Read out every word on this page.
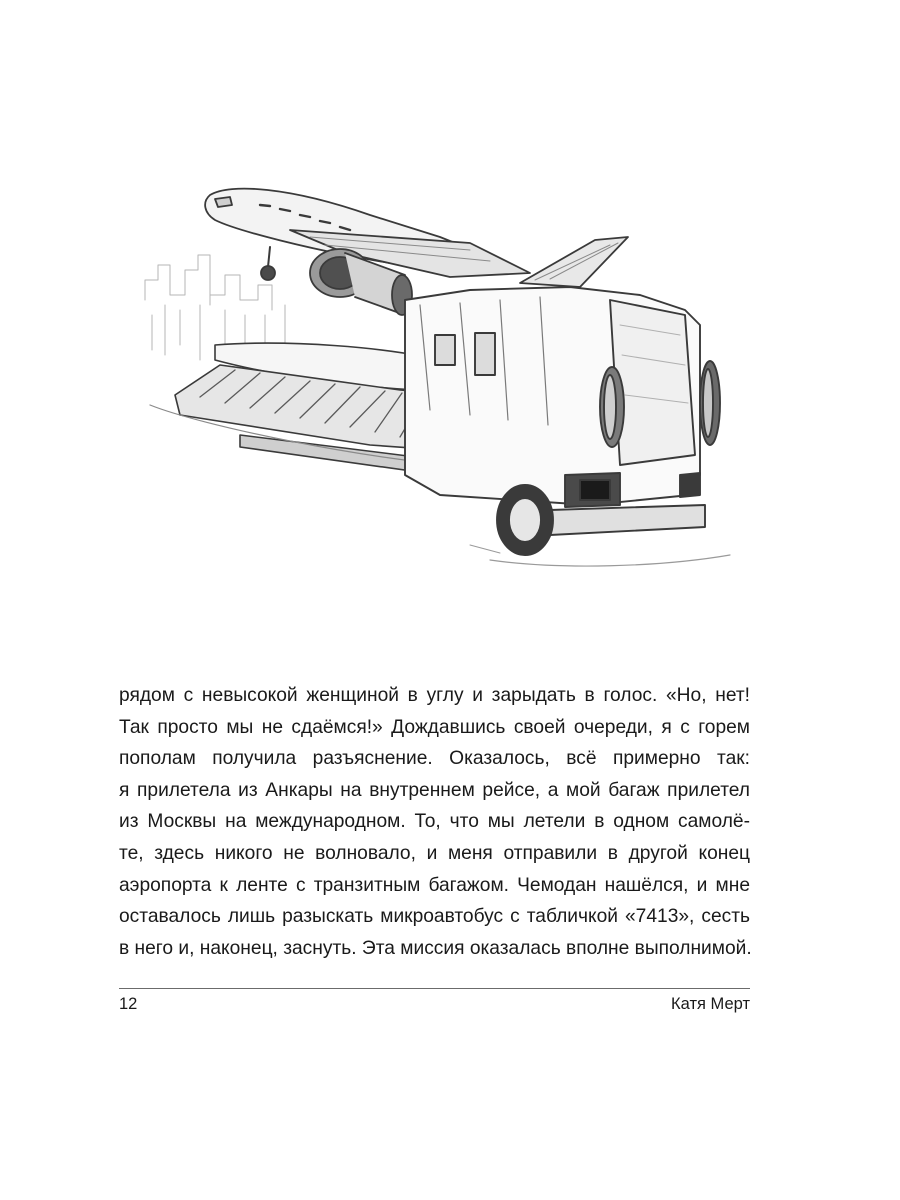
рядом с невысокой женщиной в углу и зарыдать в голос. «Но, нет!
Так просто мы не сдаёмся!» Дождавшись своей очереди, я с горем
пополам получила разъяснение. Оказалось, всё примерно так:
я прилетела из Анкары на внутреннем рейсе, а мой багаж прилетел
из Москвы на международном. То, что мы летели в одном самолё-
те, здесь никого не волновало, и меня отправили в другой конец
аэропорта к ленте с транзитным багажом. Чемодан нашёлся, и мне
оставалось лишь разыскать микроавтобус с табличкой «7413», сесть
в него и, наконец, заснуть. Эта миссия оказалась вполне выполнимой.

12	Катя Мерт
